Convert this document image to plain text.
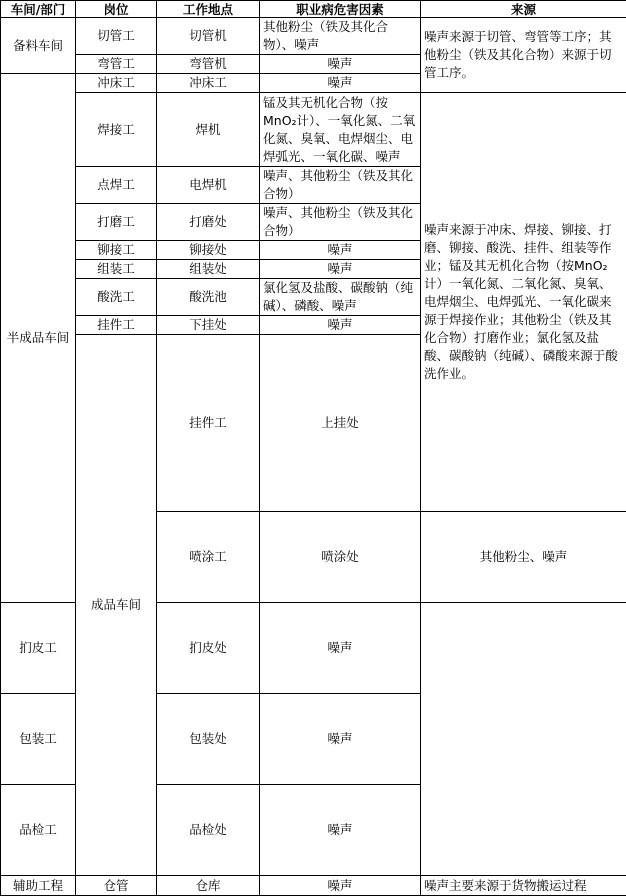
车间/部门	岗位	工作地点	职业病危害因素	来源	
备料车间	切管工	切管机	其他粉尘（铁及其化合物）、噪声	噪声来源于切管、弯管等工序；其他粉尘（铁及其化合物）来源于切管工序。	
	弯管工	弯管机	噪声		
半成品车间	冲床工	冲床工	噪声		
	焊接工	焊机	锰及其无机化合物（按MnO₂计）、一氧化氮、二氧化氮、臭氧、电焊烟尘、电焊弧光、一氧化碳、噪声	噪声来源于冲床、焊接、铆接、打磨、铆接、酸洗、挂件、组装等作业；锰及其无机化合物（按MnO₂计）一氧化氮、二氧化氮、臭氧、电焊烟尘、电焊弧光、一氧化碳来源于焊接作业；其他粉尘（铁及其化合物）打磨作业；氯化氢及盐酸、碳酸钠（纯碱）、磷酸来源于酸洗作业。	
	点焊工	电焊机	噪声、其他粉尘（铁及其化合物）		
	打磨工	打磨处	噪声、其他粉尘（铁及其化合物）		
	铆接工	铆接处	噪声		
	组装工	组装处	噪声		
	酸洗工	酸洗池	氯化氢及盐酸、碳酸钠（纯碱）、磷酸、噪声		
	挂件工	下挂处	噪声		
	成品车间	挂件工	上挂处		
		喷涂工	喷涂处	其他粉尘、噪声	
扪皮工		扪皮处	噪声		
包装工		包装处	噪声		
品检工		品检处	噪声		
辅助工程	仓管	仓库	噪声	噪声主要来源于货物搬运过程	
